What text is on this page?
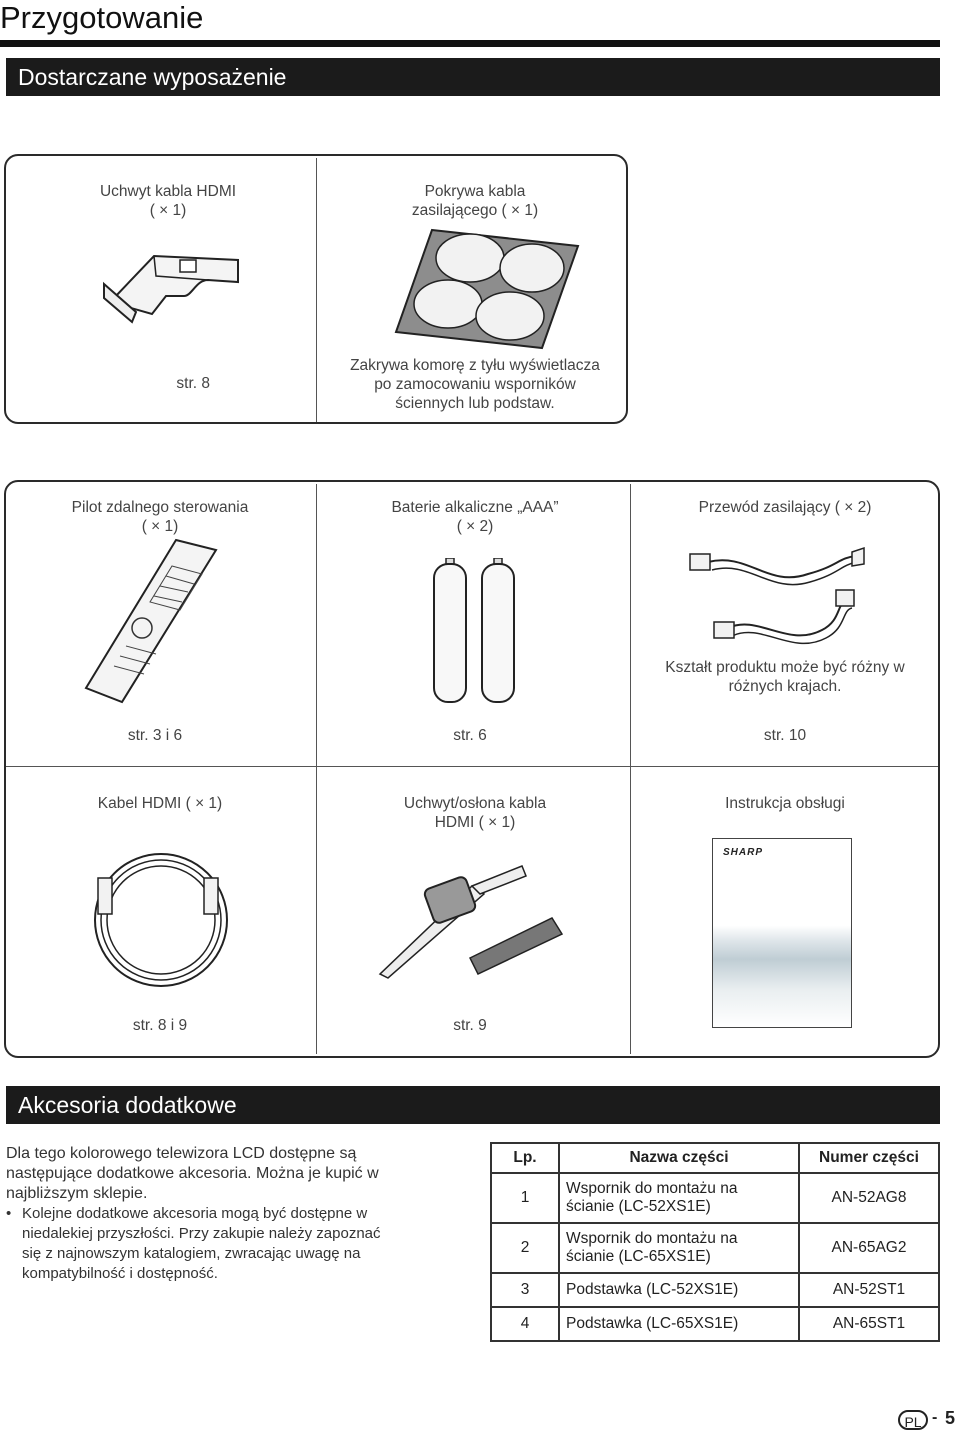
Przygotowanie
Dostarczane wyposażenie
Uchwyt kabla HDMI
( × 1)
str. 8
Pokrywa kabla
zasilającego ( × 1)
Zakrywa komorę z tyłu wyświetlacza
po zamocowaniu wsporników
ściennych lub podstaw.
Pilot zdalnego sterowania
( × 1)
str. 3 i 6
Baterie alkaliczne „AAA”
( × 2)
str. 6
Przewód zasilający ( × 2)
Kształt produktu może być różny w
różnych krajach.
str. 10
Kabel HDMI ( × 1)
str. 8 i 9
Uchwyt/osłona kabla
HDMI ( × 1)
str. 9
Instrukcja obsługi
SHARP
Akcesoria dodatkowe
Dla tego kolorowego telewizora LCD dostępne są
następujące dodatkowe akcesoria. Można je kupić w
najbliższym sklepie.
• Kolejne dodatkowe akcesoria mogą być dostępne w
niedalekiej przyszłości. Przy zakupie należy zapoznać
się z najnowszym katalogiem, zwracając uwagę na
kompatybilność i dostępność.
Lp.	Nazwa części	Numer części
1	Wspornik do montażu na
ścianie (LC-52XS1E)	AN-52AG8
2	Wspornik do montażu na
ścianie (LC-65XS1E)	AN-65AG2
3	Podstawka (LC-52XS1E)	AN-52ST1
4	Podstawka (LC-65XS1E)	AN-65ST1
PL - 5
